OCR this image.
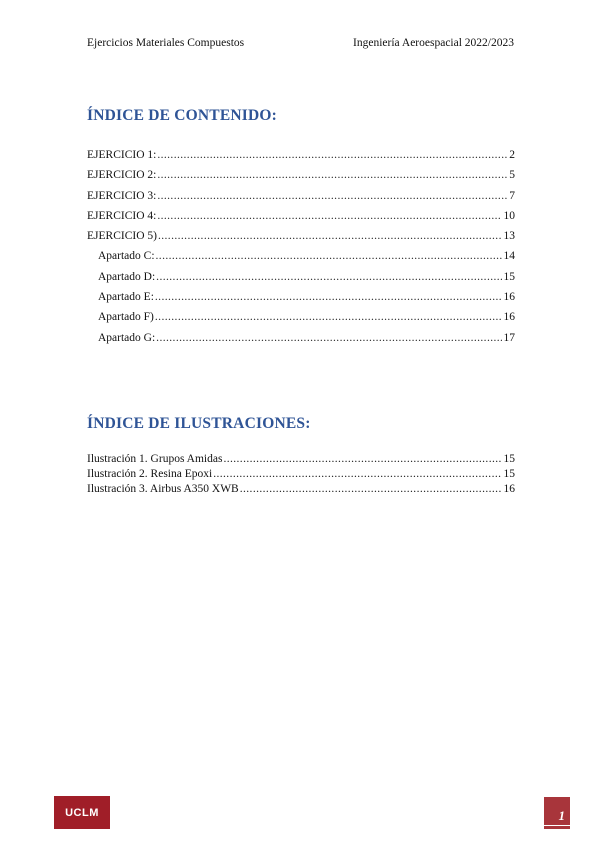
Ejercicios Materiales Compuestos	Ingeniería Aeroespacial 2022/2023
ÍNDICE DE CONTENIDO:
EJERCICIO 1: .....	2
EJERCICIO 2: .....	5
EJERCICIO 3: .....	7
EJERCICIO 4: .....	10
EJERCICIO 5) .....	13
Apartado C: .....	14
Apartado D: .....	15
Apartado E: .....	16
Apartado F) .....	16
Apartado G: .....	17
ÍNDICE DE ILUSTRACIONES:
Ilustración 1. Grupos Amidas .....	15
Ilustración 2. Resina Epoxi .....	15
Ilustración 3. Airbus A350 XWB .....	16
UCLM	1
